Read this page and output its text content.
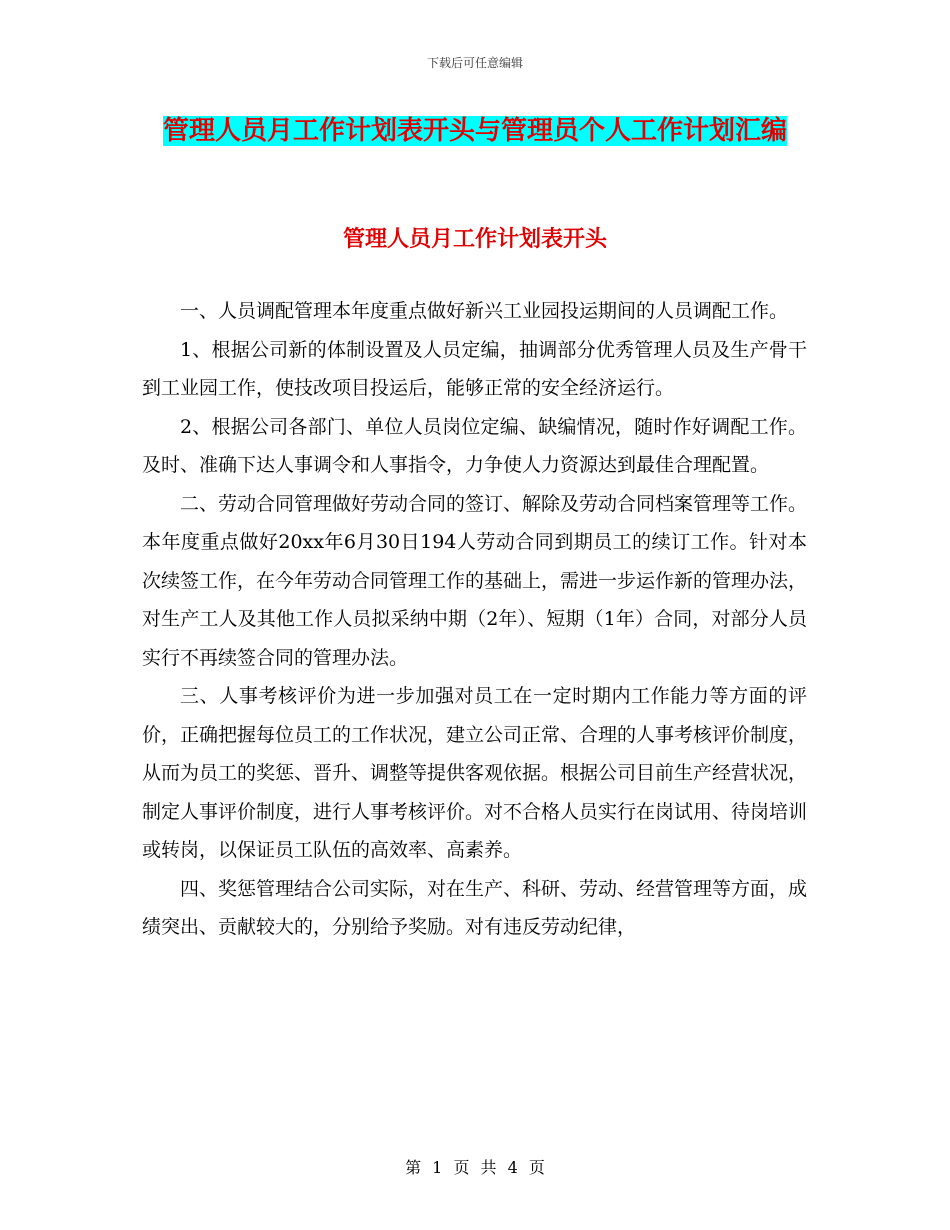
下载后可任意编辑
管理人员月工作计划表开头与管理员个人工作计划汇编
管理人员月工作计划表开头

一、人员调配管理本年度重点做好新兴工业园投运期间的人员调配工作。

1、根据公司新的体制设置及人员定编，抽调部分优秀管理人员及生产骨干到工业园工作，使技改项目投运后，能够正常的安全经济运行。

2、根据公司各部门、单位人员岗位定编、缺编情况，随时作好调配工作。及时、准确下达人事调令和人事指令，力争使人力资源达到最佳合理配置。

二、劳动合同管理做好劳动合同的签订、解除及劳动合同档案管理等工作。本年度重点做好20xx年6月30日194人劳动合同到期员工的续订工作。针对本次续签工作，在今年劳动合同管理工作的基础上，需进一步运作新的管理办法，对生产工人及其他工作人员拟采纳中期（2年）、短期（1年）合同，对部分人员实行不再续签合同的管理办法。

三、人事考核评价为进一步加强对员工在一定时期内工作能力等方面的评价，正确把握每位员工的工作状况，建立公司正常、合理的人事考核评价制度，从而为员工的奖惩、晋升、调整等提供客观依据。根据公司目前生产经营状况，制定人事评价制度，进行人事考核评价。对不合格人员实行在岗试用、待岗培训或转岗，以保证员工队伍的高效率、高素养。

四、奖惩管理结合公司实际，对在生产、科研、劳动、经营管理等方面，成绩突出、贡献较大的，分别给予奖励。对有违反劳动纪律，

第 1 页 共 4 页
